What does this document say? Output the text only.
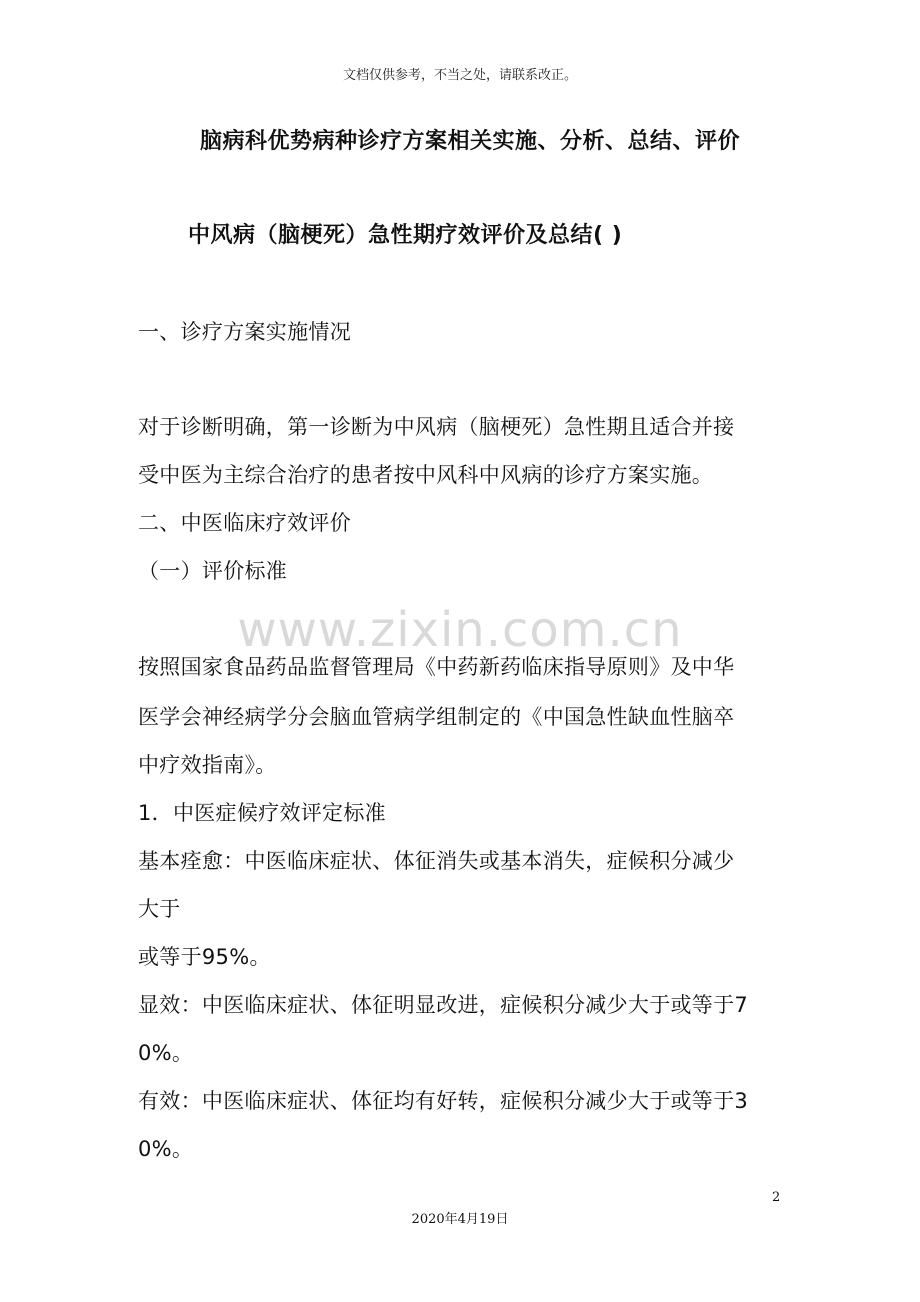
文档仅供参考，不当之处，请联系改正。
脑病科优势病种诊疗方案相关实施、分析、总结、评价
中风病（脑梗死）急性期疗效评价及总结( )
一、诊疗方案实施情况
对于诊断明确，第一诊断为中风病（脑梗死）急性期且适合并接
受中医为主综合治疗的患者按中风科中风病的诊疗方案实施。
二、中医临床疗效评价
（一）评价标准
www.zixin.com.cn
按照国家食品药品监督管理局《中药新药临床指导原则》及中华
医学会神经病学分会脑血管病学组制定的《中国急性缺血性脑卒
中疗效指南》。
1．中医症候疗效评定标准
基本痊愈：中医临床症状、体征消失或基本消失，症候积分减少
大于
或等于95%。
显效：中医临床症状、体征明显改进，症候积分减少大于或等于7
0%。
有效：中医临床症状、体征均有好转，症候积分减少大于或等于3
0%。
2
2020年4月19日
